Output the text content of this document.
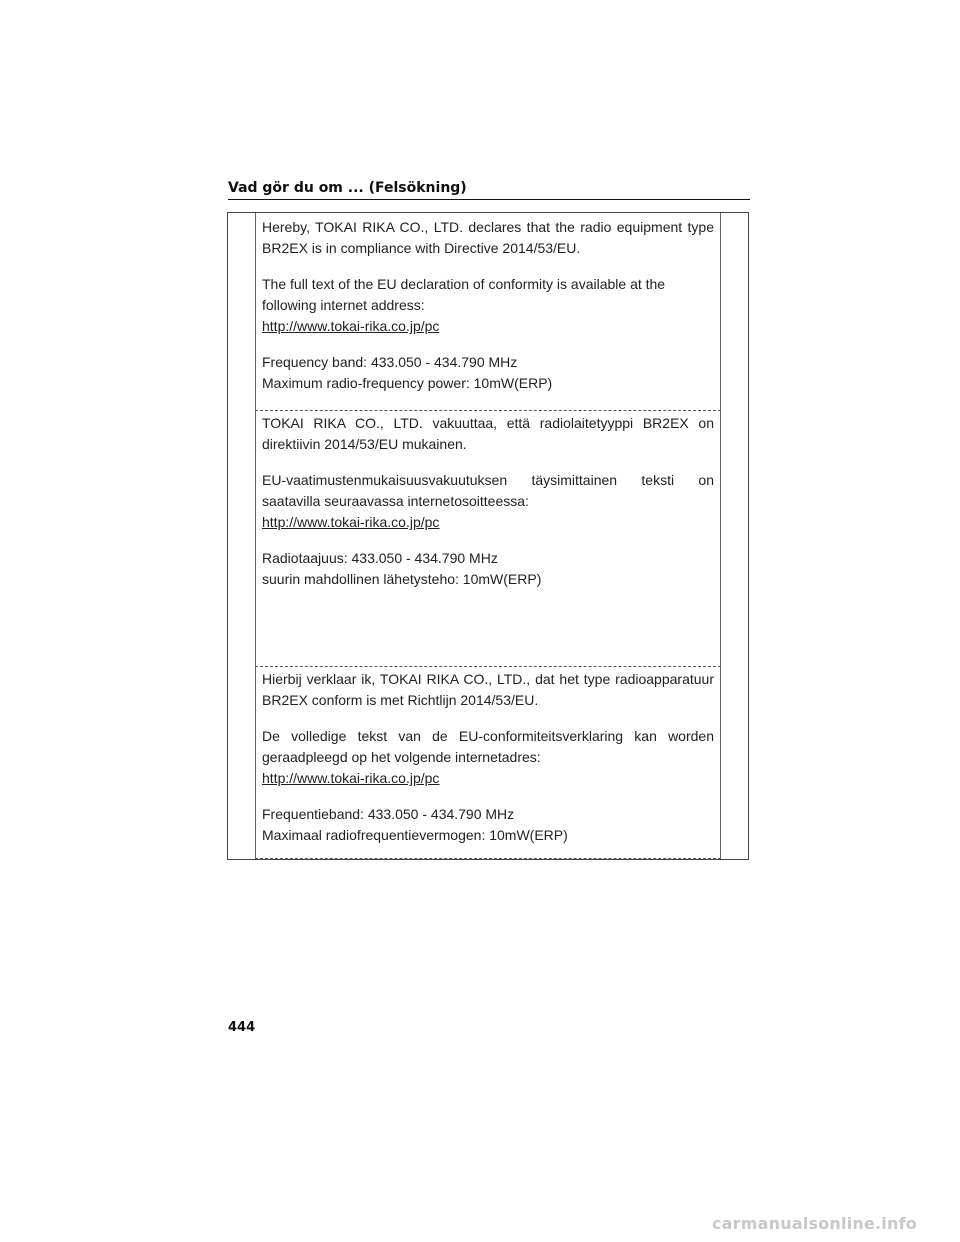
Vad gör du om ... (Felsökning)

Hereby, TOKAI RIKA CO., LTD. declares that the radio equipment type BR2EX is in compliance with Directive 2014/53/EU.

The full text of the EU declaration of conformity is available at the
following internet address:
http://www.tokai-rika.co.jp/pc

Frequency band: 433.050 - 434.790 MHz
Maximum radio-frequency power: 10mW(ERP)

TOKAI RIKA CO., LTD. vakuuttaa, että radiolaitetyyppi BR2EX on direktiivin 2014/53/EU mukainen.

EU-vaatimustenmukaisuusvakuutuksen täysimittainen teksti on
saatavilla seuraavassa internetosoitteessa:
http://www.tokai-rika.co.jp/pc

Radiotaajuus: 433.050 - 434.790 MHz
suurin mahdollinen lähetysteho: 10mW(ERP)

Hierbij verklaar ik, TOKAI RIKA CO., LTD., dat het type radioapparatuur BR2EX conform is met Richtlijn 2014/53/EU.

De volledige tekst van de EU-conformiteitsverklaring kan worden
geraadpleegd op het volgende internetadres:
http://www.tokai-rika.co.jp/pc

Frequentieband: 433.050 - 434.790 MHz
Maximaal radiofrequentievermogen: 10mW(ERP)

444
carmanualsonline.info
